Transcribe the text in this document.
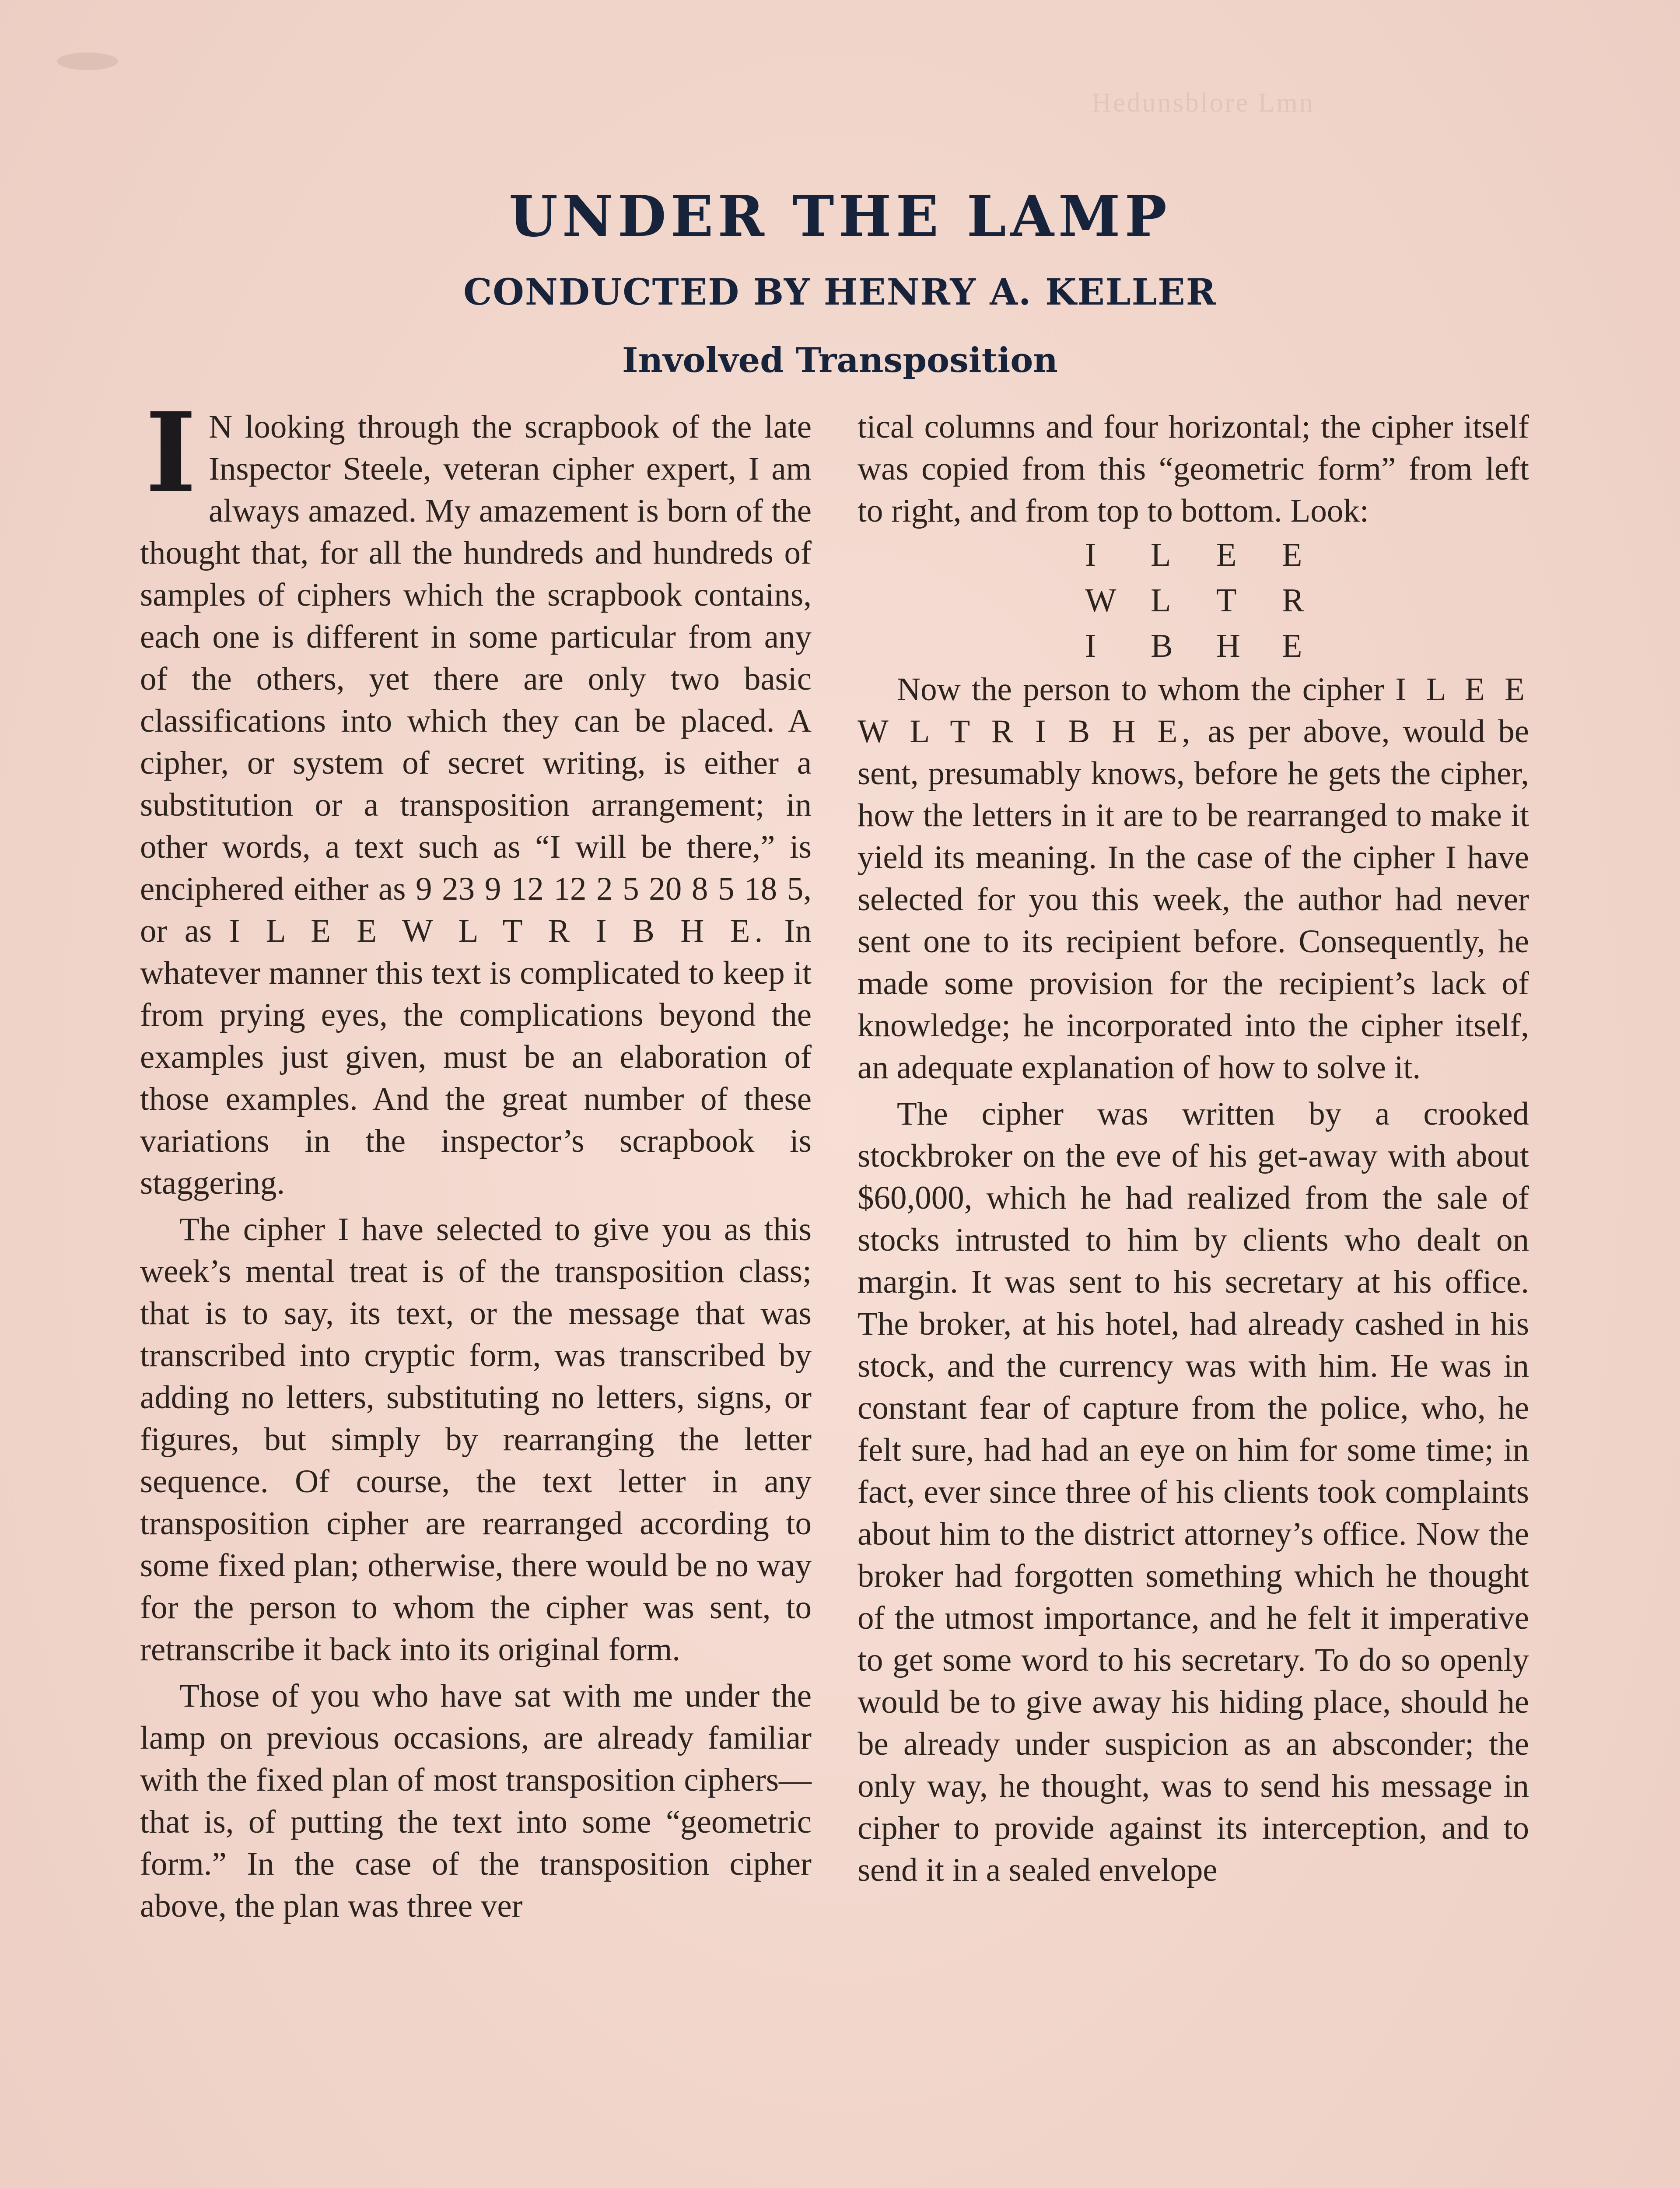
Hedunsblore Lmn
UNDER THE LAMP
CONDUCTED BY HENRY A. KELLER
Involved Transposition

I N looking through the scrapbook of the late Inspector Steele, veteran cipher expert, I am always amazed. My amazement is born of the thought that, for all the hundreds and hundreds of samples of ciphers which the scrapbook contains, each one is different in some particular from any of the others, yet there are only two basic classifications into which they can be placed. A cipher, or system of secret writing, is either a substitution or a transposition arrangement; in other words, a text such as “I will be there,” is enciphered either as 9 23 9 12 12 2 5 20 8 5 18 5, or as I L E E W L T R I B H E. In whatever manner this text is complicated to keep it from prying eyes, the complications beyond the examples just given, must be an elaboration of those examples. And the great number of these variations in the inspector’s scrapbook is staggering.

The cipher I have selected to give you as this week’s mental treat is of the transposition class; that is to say, its text, or the message that was transcribed into cryptic form, was transcribed by adding no letters, substituting no letters, signs, or figures, but simply by rearranging the letter sequence. Of course, the text letter in any transposition cipher are rearranged according to some fixed plan; otherwise, there would be no way for the person to whom the cipher was sent, to retranscribe it back into its original form.

Those of you who have sat with me under the lamp on previous occasions, are already familiar with the fixed plan of most transposition ciphers—that is, of putting the text into some “geometric form.” In the case of the transposition cipher above, the plan was three ver

tical columns and four horizontal; the cipher itself was copied from this “geometric form” from left to right, and from top to bottom. Look:

I	L	E	E
W	L	T	R
I	B	H	E

Now the person to whom the cipher I L E E W L T R I B H E, as per above, would be sent, presumably knows, before he gets the cipher, how the letters in it are to be rearranged to make it yield its meaning. In the case of the cipher I have selected for you this week, the author had never sent one to its recipient before. Consequently, he made some provision for the recipient’s lack of knowledge; he incorporated into the cipher itself, an adequate explanation of how to solve it.

The cipher was written by a crooked stockbroker on the eve of his get-away with about $60,000, which he had realized from the sale of stocks intrusted to him by clients who dealt on margin. It was sent to his secretary at his office. The broker, at his hotel, had already cashed in his stock, and the currency was with him. He was in constant fear of capture from the police, who, he felt sure, had had an eye on him for some time; in fact, ever since three of his clients took complaints about him to the district attorney’s office. Now the broker had forgotten something which he thought of the utmost importance, and he felt it imperative to get some word to his secretary. To do so openly would be to give away his hiding place, should he be already under suspicion as an absconder; the only way, he thought, was to send his message in cipher to provide against its interception, and to send it in a sealed envelope
